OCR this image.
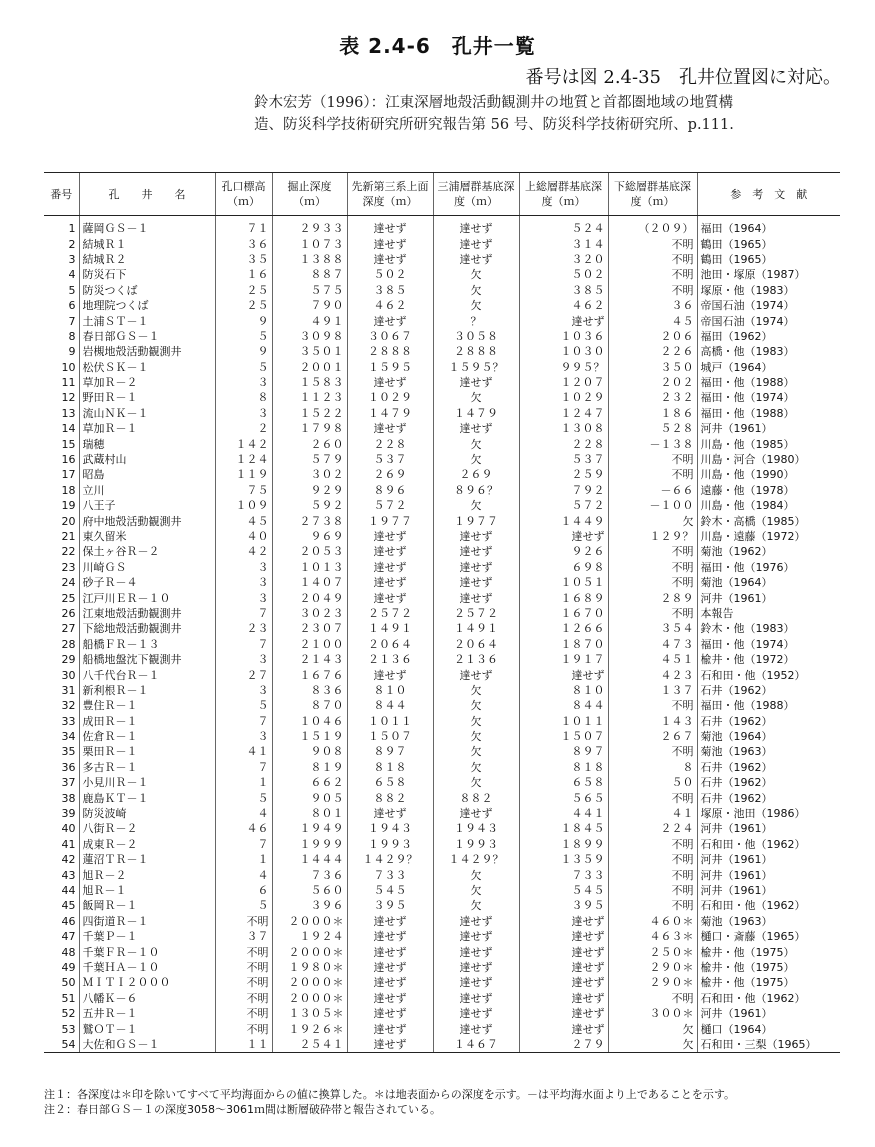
表 2.4-6　孔井一覧
番号は図 2.4-35　孔井位置図に対応。
鈴木宏芳（1996）：江東深層地殻活動観測井の地質と首都圏地域の地質構
造、防災科学技術研究所研究報告第 56 号、防災科学技術研究所、p.111.
番号	孔　　井　　名	孔口標高（ｍ）	掘止深度（ｍ）	先新第三系上面深度（ｍ）	三浦層群基底深度（ｍ）	上総層群基底深度（ｍ）	下総層群基底深度（ｍ）	参　考　文　献

1	薩岡ＧＳ－１	７１	２９３３	達せず	達せず	５２４	（２０９）	福田（1964）
2	結城Ｒ１	３６	１０７３	達せず	達せず	３１４	不明	鶴田（1965）
3	結城Ｒ２	３５	１３８８	達せず	達せず	３２０	不明	鶴田（1965）
4	防災石下	１６	８８７	５０２	欠	５０２	不明	池田・塚原（1987）
5	防災つくば	２５	５７５	３８５	欠	３８５	不明	塚原・他（1983）
6	地理院つくば	２５	７９０	４６２	欠	４６２	３６	帝国石油（1974）
7	土浦ＳＴ－１	９	４９１	達せず	？	達せず	４５	帝国石油（1974）
8	春日部ＧＳ－１	５	３０９８	３０６７	３０５８	１０３６	２０６	福田（1962）
9	岩槻地殻活動観測井	９	３５０１	２８８８	２８８８	１０３０	２２６	高橋・他（1983）
10	松伏ＳＫ－１	５	２００１	１５９５	１５９５？	９９５？	３５０	城戸（1964）
11	草加Ｒ－２	３	１５８３	達せず	達せず	１２０７	２０２	福田・他（1988）
12	野田Ｒ－１	８	１１２３	１０２９	欠	１０２９	２３２	福田・他（1974）
13	流山ＮＫ－１	３	１５２２	１４７９	１４７９	１２４７	１８６	福田・他（1988）
14	草加Ｒ－１	２	１７９８	達せず	達せず	１３０８	５２８	河井（1961）
15	瑞穂	１４２	２６０	２２８	欠	２２８	－１３８	川島・他（1985）
16	武蔵村山	１２４	５７９	５３７	欠	５３７	不明	川島・河合（1980）
17	昭島	１１９	３０２	２６９	２６９	２５９	不明	川島・他（1990）
18	立川	７５	９２９	８９６	８９６？	７９２	－６６	遠藤・他（1978）
19	八王子	１０９	５９２	５７２	欠	５７２	－１００	川島・他（1984）
20	府中地殻活動観測井	４５	２７３８	１９７７	１９７７	１４４９	欠	鈴木・高橋（1985）
21	東久留米	４０	９６９	達せず	達せず	達せず	１２９？	川島・遠藤（1972）
22	保土ヶ谷Ｒ－２	４２	２０５３	達せず	達せず	９２６	不明	菊池（1962）
23	川崎ＧＳ	３	１０１３	達せず	達せず	６９８	不明	福田・他（1976）
24	砂子Ｒ－４	３	１４０７	達せず	達せず	１０５１	不明	菊池（1964）
25	江戸川ＥＲ－１０	３	２０４９	達せず	達せず	１６８９	２８９	河井（1961）
26	江東地殻活動観測井	７	３０２３	２５７２	２５７２	１６７０	不明	本報告
27	下総地殻活動観測井	２３	２３０７	１４９１	１４９１	１２６６	３５４	鈴木・他（1983）
28	船橋ＦＲ－１３	７	２１００	２０６４	２０６４	１８７０	４７３	福田・他（1974）
29	船橋地盤沈下観測井	３	２１４３	２１３６	２１３６	１９１７	４５１	楡井・他（1972）
30	八千代台Ｒ－１	２７	１６７６	達せず	達せず	達せず	４２３	石和田・他（1952）
31	新利根Ｒ－１	３	８３６	８１０	欠	８１０	１３７	石井（1962）
32	豊住Ｒ－１	５	８７０	８４４	欠	８４４	不明	福田・他（1988）
33	成田Ｒ－１	７	１０４６	１０１１	欠	１０１１	１４３	石井（1962）
34	佐倉Ｒ－１	３	１５１９	１５０７	欠	１５０７	２６７	菊池（1964）
35	栗田Ｒ－１	４１	９０８	８９７	欠	８９７	不明	菊池（1963）
36	多古Ｒ－１	７	８１９	８１８	欠	８１８	８	石井（1962）
37	小見川Ｒ－１	１	６６２	６５８	欠	６５８	５０	石井（1962）
38	鹿島ＫＴ－１	５	９０５	８８２	８８２	５６５	不明	石井（1962）
39	防災波崎	４	８０１	達せず	達せず	４４１	４１	塚原・池田（1986）
40	八街Ｒ－２	４６	１９４９	１９４３	１９４３	１８４５	２２４	河井（1961）
41	成東Ｒ－２	７	１９９９	１９９３	１９９３	１８９９	不明	石和田・他（1962）
42	蓮沼ＴＲ－１	１	１４４４	１４２９？	１４２９？	１３５９	不明	河井（1961）
43	旭Ｒ－２	４	７３６	７３３	欠	７３３	不明	河井（1961）
44	旭Ｒ－１	６	５６０	５４５	欠	５４５	不明	河井（1961）
45	飯岡Ｒ－１	５	３９６	３９５	欠	３９５	不明	石和田・他（1962）
46	四街道Ｒ－１	不明	２０００＊	達せず	達せず	達せず	４６０＊	菊池（1963）
47	千葉Ｐ－１	３７	１９２４	達せず	達せず	達せず	４６３＊	樋口・斎藤（1965）
48	千葉ＦＲ－１０	不明	２０００＊	達せず	達せず	達せず	２５０＊	楡井・他（1975）
49	千葉ＨＡ－１０	不明	１９８０＊	達せず	達せず	達せず	２９０＊	楡井・他（1975）
50	ＭＩＴＩ２０００	不明	２０００＊	達せず	達せず	達せず	２９０＊	楡井・他（1975）
51	八幡Ｋ－６	不明	２０００＊	達せず	達せず	達せず	不明	石和田・他（1962）
52	五井Ｒ－１	不明	１３０５＊	達せず	達せず	達せず	３００＊	河井（1961）
53	鷲ＯＴ－１	不明	１９２６＊	達せず	達せず	達せず	欠	樋口（1964）
54	大佐和ＧＳ－１	１１	２５４１	達せず	１４６７	２７９	欠	石和田・三梨（1965）
注１：各深度は＊印を除いてすべて平均海面からの値に換算した。＊は地表面からの深度を示す。－は平均海水面より上であることを示す。
注２：春日部ＧＳ－１の深度3058～3061ｍ間は断層破砕帯と報告されている。
